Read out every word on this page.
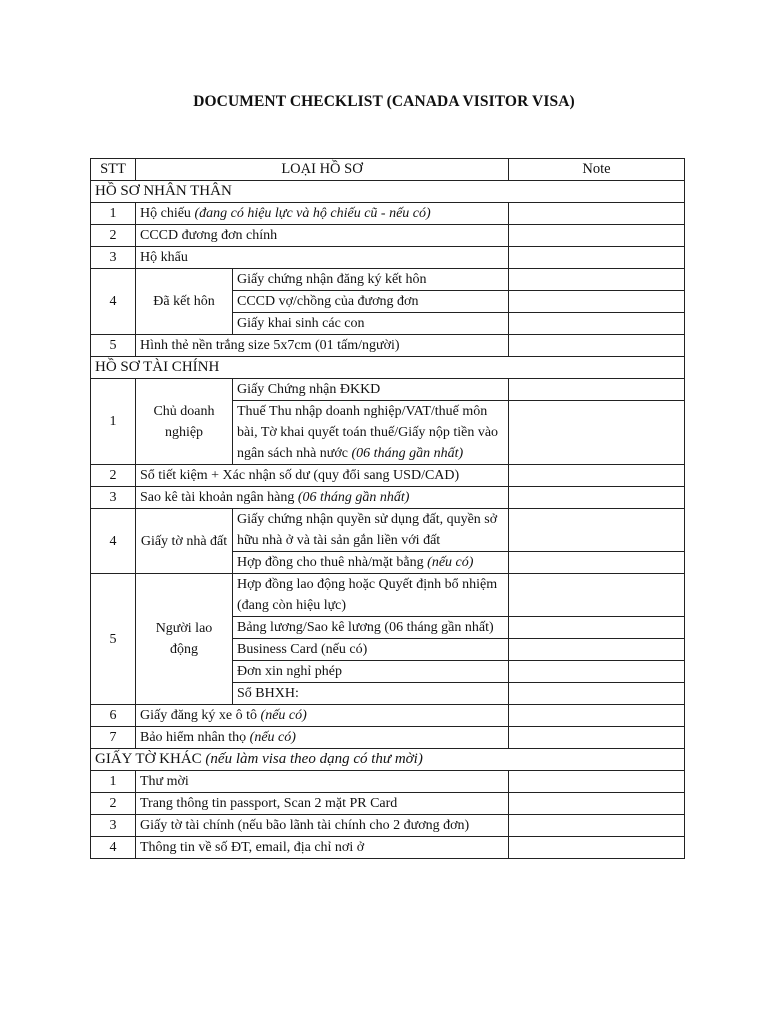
DOCUMENT CHECKLIST (CANADA VISITOR VISA)
STT	LOẠI HỒ SƠ		Note
HỒ SƠ NHÂN THÂN			
1	Hộ chiếu (đang có hiệu lực và hộ chiếu cũ - nếu có)		
2	CCCD đương đơn chính		
3	Hộ khẩu		
4	Đã kết hôn	Giấy chứng nhận đăng ký kết hôn	
		CCCD vợ/chồng của đương đơn	
		Giấy khai sinh các con	
5	Hình thẻ nền trắng size 5x7cm (01 tấm/người)		
HỒ SƠ TÀI CHÍNH			
1	Chủ doanh nghiệp	Giấy Chứng nhận ĐKKD	
		Thuế Thu nhập doanh nghiệp/VAT/thuế môn bài, Tờ khai quyết toán thuế/Giấy nộp tiền vào ngân sách nhà nước (06 tháng gần nhất)	
2	Sổ tiết kiệm + Xác nhận số dư (quy đổi sang USD/CAD)		
3	Sao kê tài khoản ngân hàng (06 tháng gần nhất)		
4	Giấy tờ nhà đất	Giấy chứng nhận quyền sử dụng đất, quyền sở hữu nhà ở và tài sản gắn liền với đất	
		Hợp đồng cho thuê nhà/mặt bằng (nếu có)	
5	Người lao động	Hợp đồng lao động hoặc Quyết định bổ nhiệm (đang còn hiệu lực)	
		Bảng lương/Sao kê lương (06 tháng gần nhất)	
		Business Card (nếu có)	
		Đơn xin nghỉ phép	
		Sổ BHXH:	
6	Giấy đăng ký xe ô tô (nếu có)		
7	Bảo hiểm nhân thọ (nếu có)		
GIẤY TỜ KHÁC (nếu làm visa theo dạng có thư mời)			
1	Thư mời		
2	Trang thông tin passport, Scan 2 mặt PR Card		
3	Giấy tờ tài chính (nếu bão lãnh tài chính cho 2 đương đơn)		
4	Thông tin về số ĐT, email, địa chỉ nơi ở		
